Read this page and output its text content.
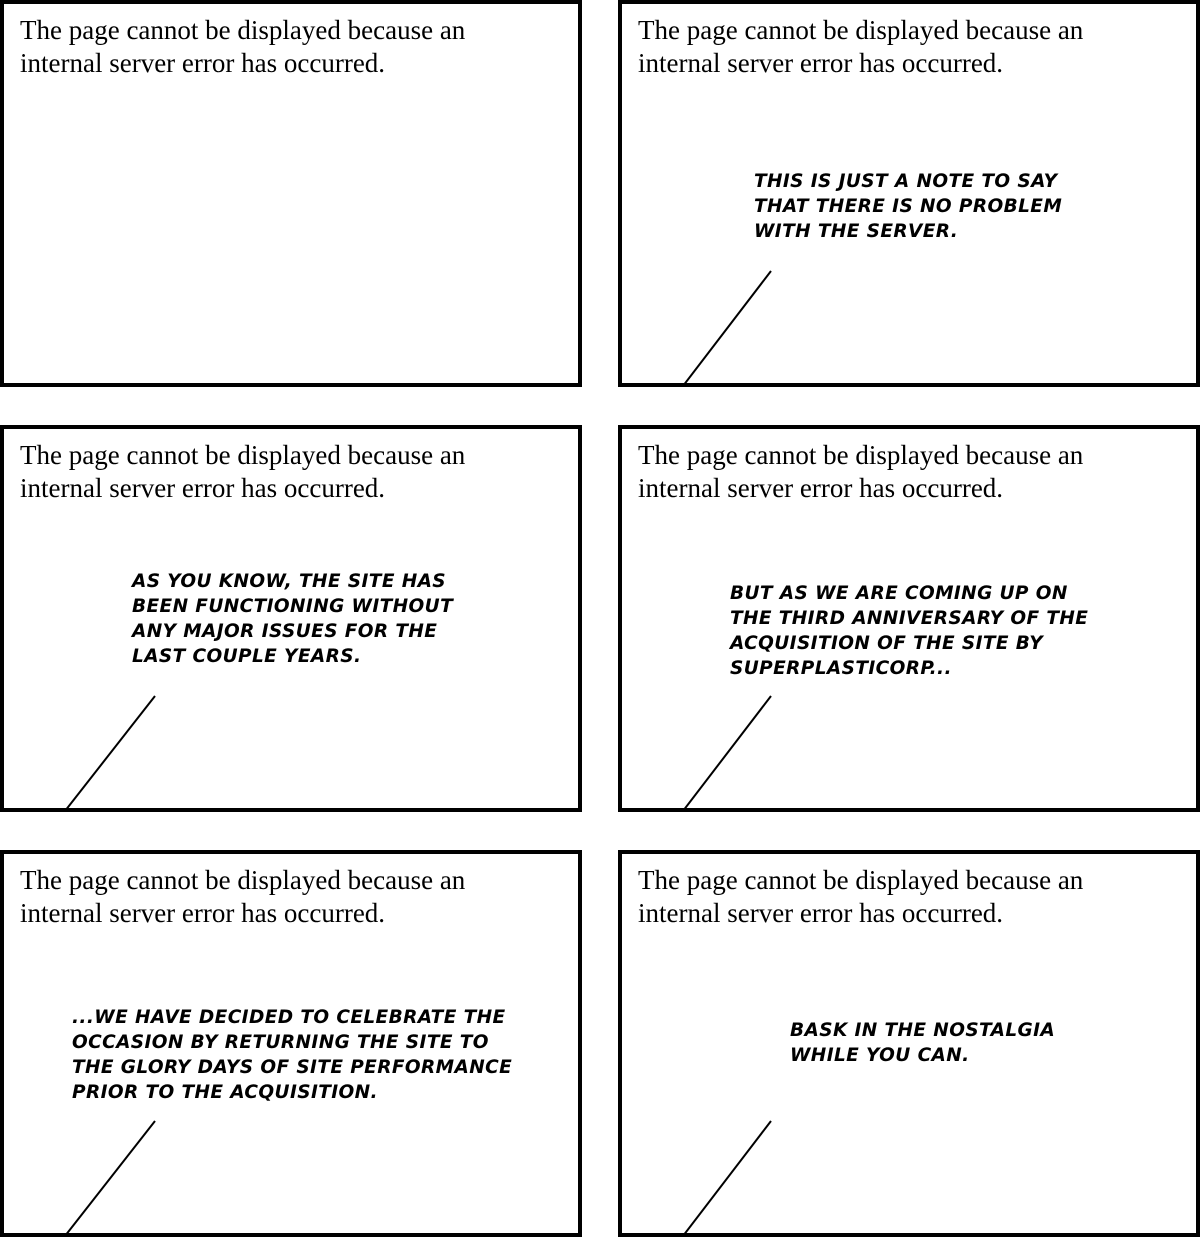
The page cannot be displayed because an
internal server error has occurred.

The page cannot be displayed because an
internal server error has occurred.

THIS IS JUST A NOTE TO SAY
THAT THERE IS NO PROBLEM
WITH THE SERVER.

The page cannot be displayed because an
internal server error has occurred.

AS YOU KNOW, THE SITE HAS
BEEN FUNCTIONING WITHOUT
ANY MAJOR ISSUES FOR THE
LAST COUPLE YEARS.

The page cannot be displayed because an
internal server error has occurred.

BUT AS WE ARE COMING UP ON
THE THIRD ANNIVERSARY OF THE
ACQUISITION OF THE SITE BY
SUPERPLASTICORP...

The page cannot be displayed because an
internal server error has occurred.

...WE HAVE DECIDED TO CELEBRATE THE
OCCASION BY RETURNING THE SITE TO
THE GLORY DAYS OF SITE PERFORMANCE
PRIOR TO THE ACQUISITION.

The page cannot be displayed because an
internal server error has occurred.

BASK IN THE NOSTALGIA
WHILE YOU CAN.
